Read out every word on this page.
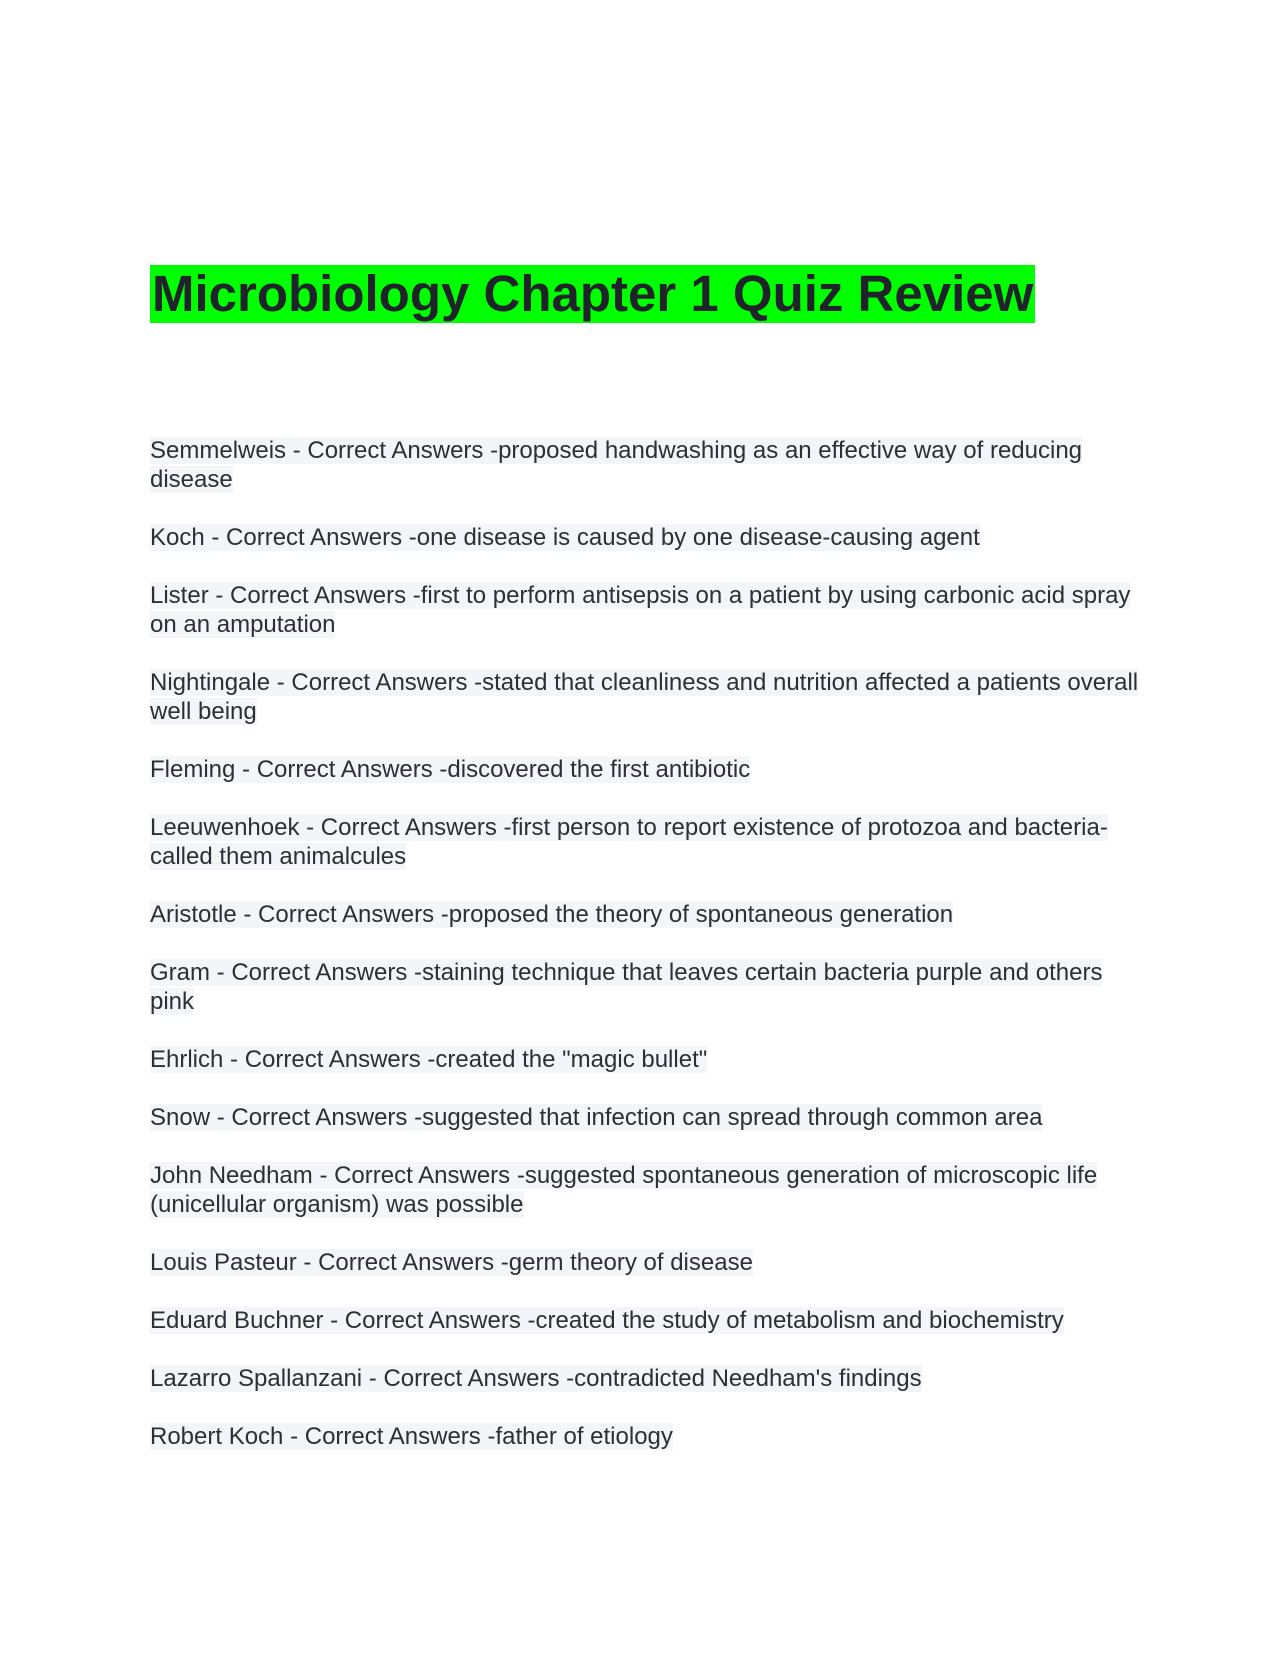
Microbiology Chapter 1 Quiz Review
Semmelweis - Correct Answers -proposed handwashing as an effective way of reducing disease
Koch - Correct Answers -one disease is caused by one disease-causing agent
Lister - Correct Answers -first to perform antisepsis on a patient by using carbonic acid spray on an amputation
Nightingale - Correct Answers -stated that cleanliness and nutrition affected a patients overall well being
Fleming - Correct Answers -discovered the first antibiotic
Leeuwenhoek - Correct Answers -first person to report existence of protozoa and bacteria- called them animalcules
Aristotle - Correct Answers -proposed the theory of spontaneous generation
Gram - Correct Answers -staining technique that leaves certain bacteria purple and others pink
Ehrlich - Correct Answers -created the "magic bullet"
Snow - Correct Answers -suggested that infection can spread through common area
John Needham - Correct Answers -suggested spontaneous generation of microscopic life (unicellular organism) was possible
Louis Pasteur - Correct Answers -germ theory of disease
Eduard Buchner - Correct Answers -created the study of metabolism and biochemistry
Lazarro Spallanzani - Correct Answers -contradicted Needham's findings
Robert Koch - Correct Answers -father of etiology
